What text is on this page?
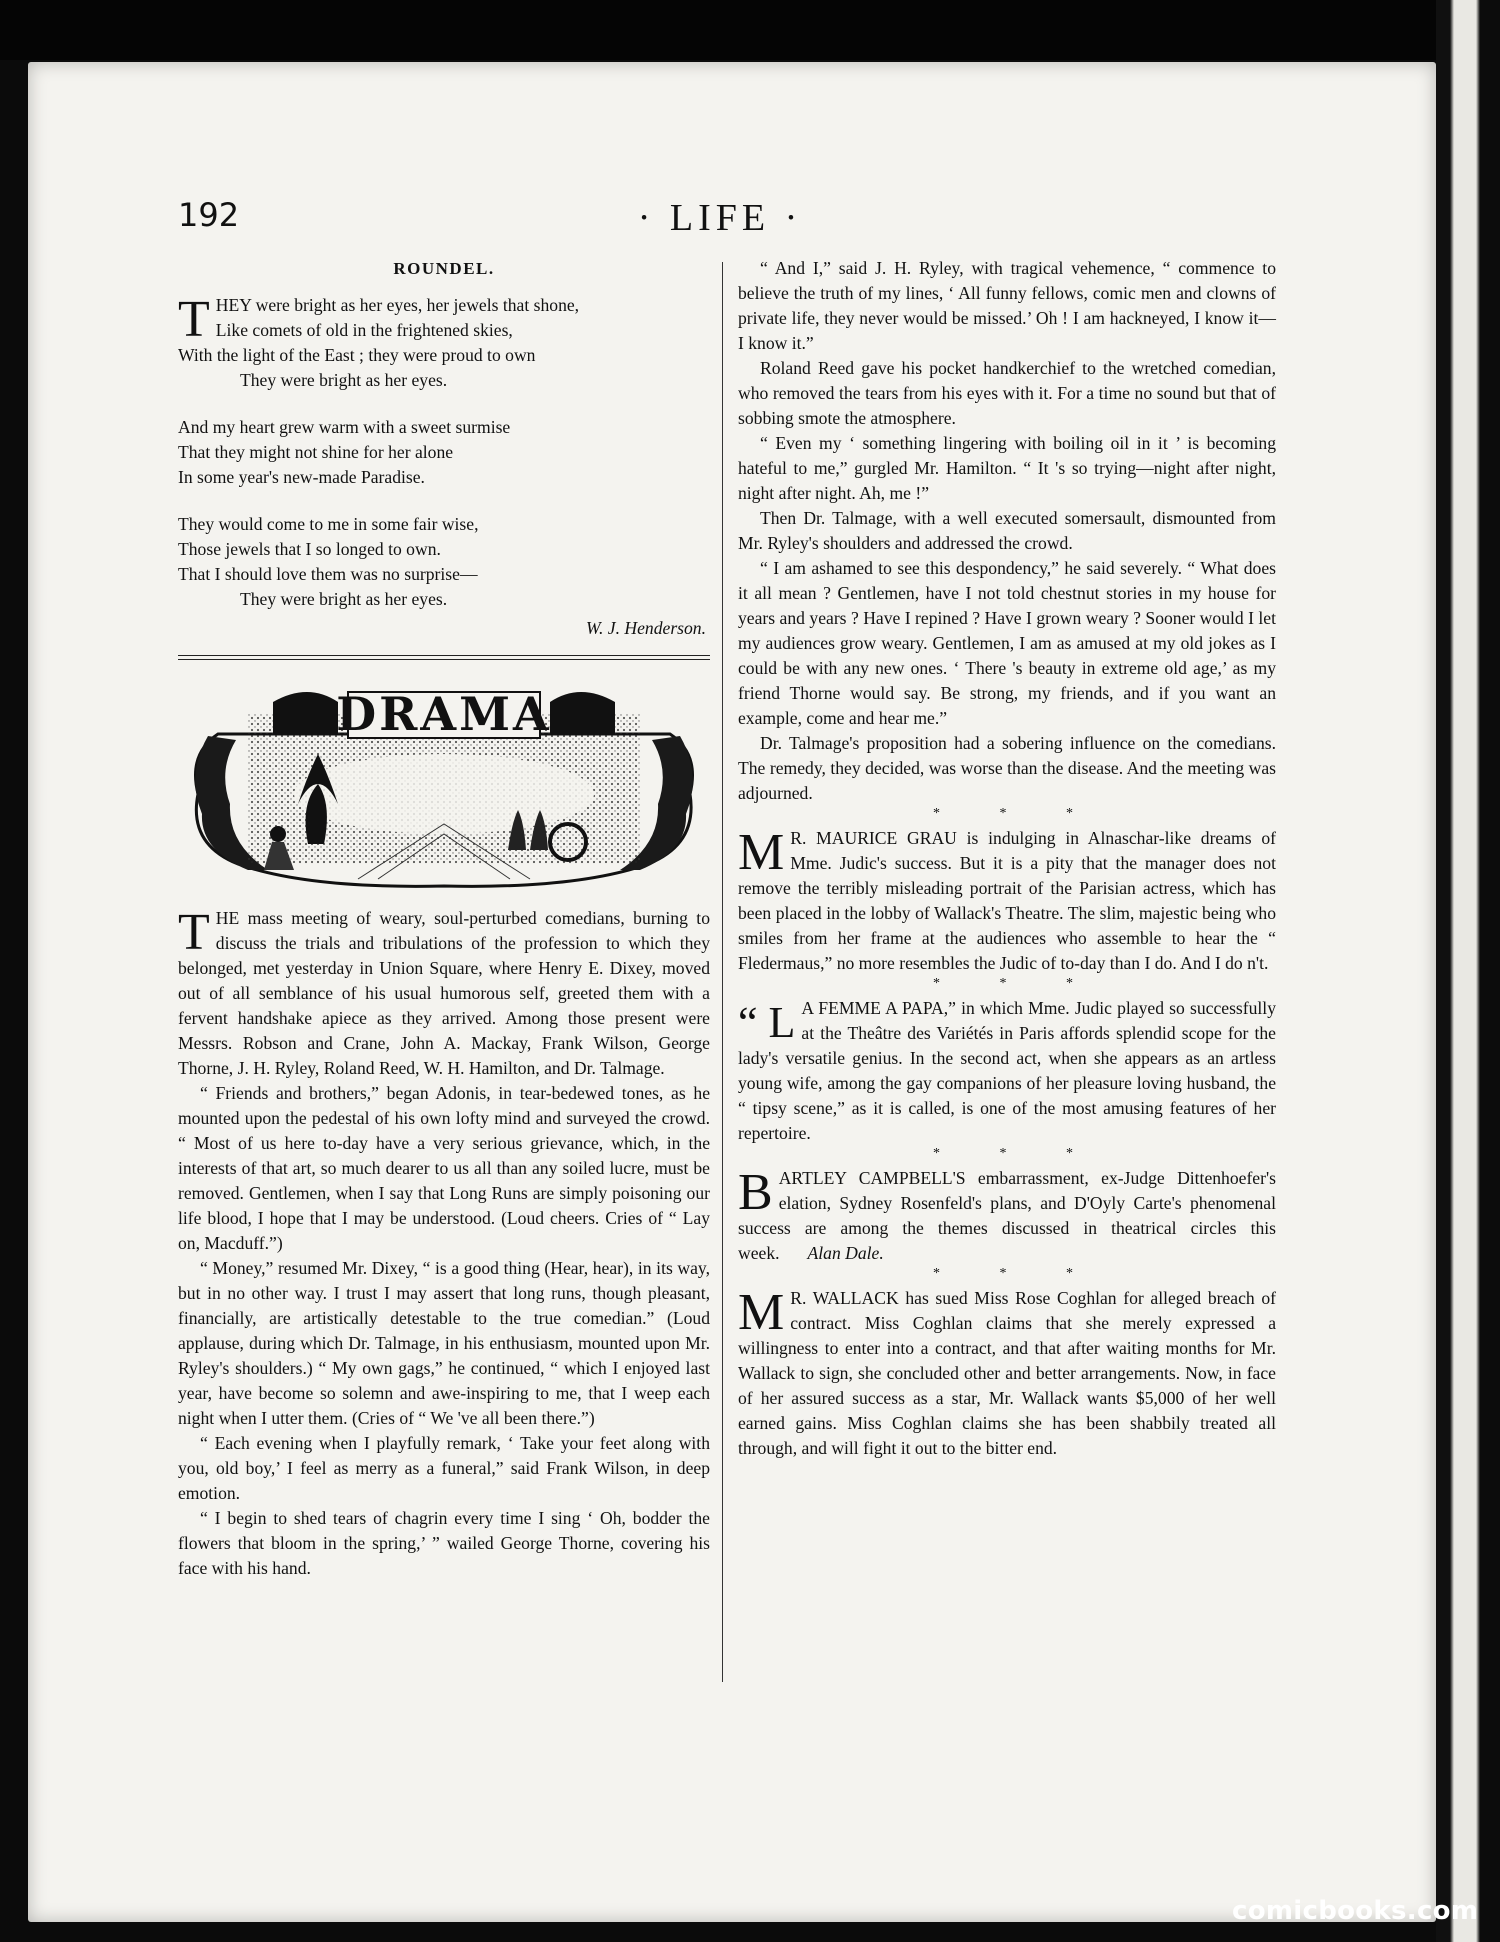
192	· LIFE ·
ROUNDEL.
T HEY were bright as her eyes, her jewels that shone,
Like comets of old in the frightened skies,
With the light of the East ; they were proud to own
They were bright as her eyes.
And my heart grew warm with a sweet surmise
That they might not shine for her alone
In some year's new-made Paradise.
They would come to me in some fair wise,
Those jewels that I so longed to own.
That I should love them was no surprise—
They were bright as her eyes.
W. J. Henderson.
DRAMA

THE mass meeting of weary, soul-perturbed comedians, burning to discuss the trials and tribulations of the profession to which they belonged, met yesterday in Union Square, where Henry E. Dixey, moved out of all semblance of his usual humorous self, greeted them with a fervent handshake apiece as they arrived. Among those present were Messrs. Robson and Crane, John A. Mackay, Frank Wilson, George Thorne, J. H. Ryley, Roland Reed, W. H. Hamilton, and Dr. Talmage.

“ Friends and brothers,” began Adonis, in tear-bedewed tones, as he mounted upon the pedestal of his own lofty mind and surveyed the crowd. “ Most of us here to-day have a very serious grievance, which, in the interests of that art, so much dearer to us all than any soiled lucre, must be removed. Gentlemen, when I say that Long Runs are simply poisoning our life blood, I hope that I may be understood. (Loud cheers. Cries of “ Lay on, Macduff.”)

“ Money,” resumed Mr. Dixey, “ is a good thing (Hear, hear), in its way, but in no other way. I trust I may assert that long runs, though pleasant, financially, are artistically detestable to the true comedian.” (Loud applause, during which Dr. Talmage, in his enthusiasm, mounted upon Mr. Ryley's shoulders.) “ My own gags,” he continued, “ which I enjoyed last year, have become so solemn and awe-inspiring to me, that I weep each night when I utter them. (Cries of “ We 've all been there.”)

“ Each evening when I playfully remark, ‘ Take your feet along with you, old boy,’ I feel as merry as a funeral,” said Frank Wilson, in deep emotion.

“ I begin to shed tears of chagrin every time I sing ‘ Oh, bodder the flowers that bloom in the spring,’ ” wailed George Thorne, covering his face with his hand.

“ And I,” said J. H. Ryley, with tragical vehemence, “ commence to believe the truth of my lines, ‘ All funny fellows, comic men and clowns of private life, they never would be missed.’ Oh ! I am hackneyed, I know it—I know it.”

Roland Reed gave his pocket handkerchief to the wretched comedian, who removed the tears from his eyes with it. For a time no sound but that of sobbing smote the atmosphere.

“ Even my ‘ something lingering with boiling oil in it ’ is becoming hateful to me,” gurgled Mr. Hamilton. “ It 's so trying—night after night, night after night. Ah, me !”

Then Dr. Talmage, with a well executed somersault, dismounted from Mr. Ryley's shoulders and addressed the crowd.

“ I am ashamed to see this despondency,” he said severely. “ What does it all mean ? Gentlemen, have I not told chestnut stories in my house for years and years ? Have I repined ? Have I grown weary ? Sooner would I let my audiences grow weary. Gentlemen, I am as amused at my old jokes as I could be with any new ones. ‘ There 's beauty in extreme old age,’ as my friend Thorne would say. Be strong, my friends, and if you want an example, come and hear me.”

Dr. Talmage's proposition had a sobering influence on the comedians. The remedy, they decided, was worse than the disease. And the meeting was adjourned.

* * *

M R. MAURICE GRAU is indulging in Alnaschar-like dreams of Mme. Judic's success. But it is a pity that the manager does not remove the terribly misleading portrait of the Parisian actress, which has been placed in the lobby of Wallack's Theatre. The slim, majestic being who smiles from her frame at the audiences who assemble to hear the “ Fledermaus,” no more resembles the Judic of to-day than I do. And I do n't.

* * *

“ L A FEMME A PAPA,” in which Mme. Judic played so successfully at the Theâtre des Variétés in Paris affords splendid scope for the lady's versatile genius. In the second act, when she appears as an artless young wife, among the gay companions of her pleasure loving husband, the “ tipsy scene,” as it is called, is one of the most amusing features of her repertoire.

* * *

BARTLEY CAMPBELL'S embarrassment, ex-Judge Dittenhoefer's elation, Sydney Rosenfeld's plans, and D'Oyly Carte's phenomenal success are among the themes discussed in theatrical circles this week. Alan Dale.

* * *

M R. WALLACK has sued Miss Rose Coghlan for alleged breach of contract. Miss Coghlan claims that she merely expressed a willingness to enter into a contract, and that after waiting months for Mr. Wallack to sign, she concluded other and better arrangements. Now, in face of her assured success as a star, Mr. Wallack wants $5,000 of her well earned gains. Miss Coghlan claims she has been shabbily treated all through, and will fight it out to the bitter end.

comicbooks.com
